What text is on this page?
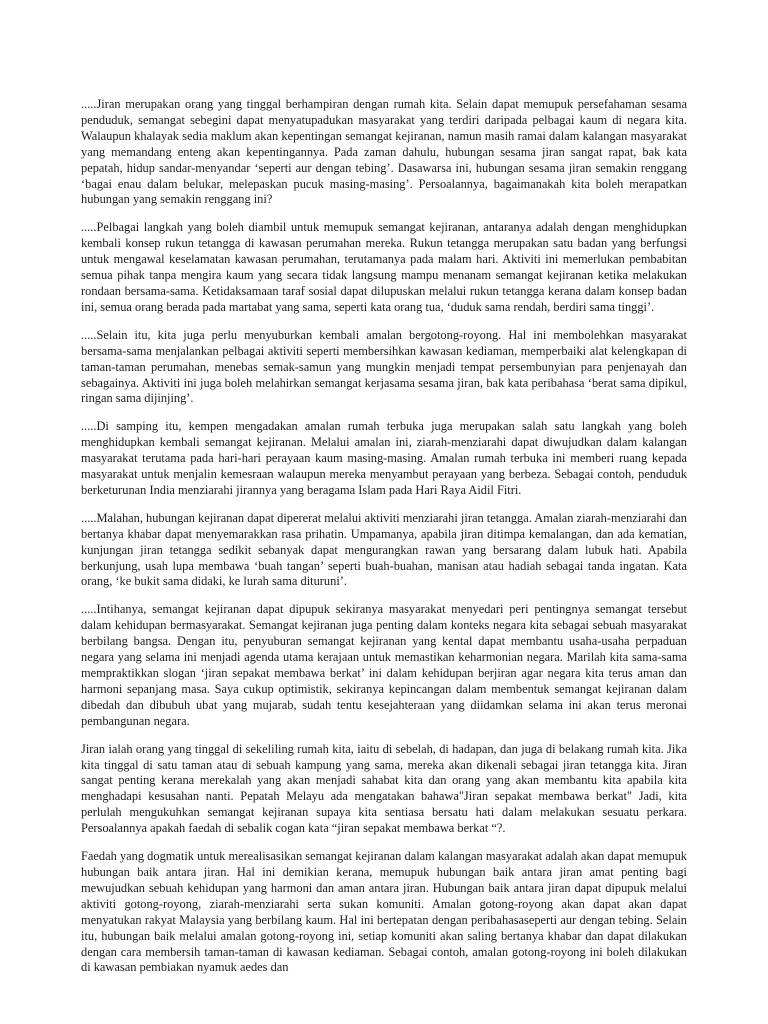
.....Jiran merupakan orang yang tinggal berhampiran dengan rumah kita. Selain dapat memupuk persefahaman sesama penduduk, semangat sebegini dapat menyatupadukan masyarakat yang terdiri daripada pelbagai kaum di negara kita. Walaupun khalayak sedia maklum akan kepentingan semangat kejiranan, namun masih ramai dalam kalangan masyarakat yang memandang enteng akan kepentingannya. Pada zaman dahulu, hubungan sesama jiran sangat rapat, bak kata pepatah, hidup sandar-menyandar ‘seperti aur dengan tebing’. Dasawarsa ini, hubungan sesama jiran semakin renggang ‘bagai enau dalam belukar, melepaskan pucuk masing-masing’. Persoalannya, bagaimanakah kita boleh merapatkan hubungan yang semakin renggang ini?

.....Pelbagai langkah yang boleh diambil untuk memupuk semangat kejiranan, antaranya adalah dengan menghidupkan kembali konsep rukun tetangga di kawasan perumahan mereka. Rukun tetangga merupakan satu badan yang berfungsi untuk mengawal keselamatan kawasan perumahan, terutamanya pada malam hari. Aktiviti ini memerlukan pembabitan semua pihak tanpa mengira kaum yang secara tidak langsung mampu menanam semangat kejiranan ketika melakukan rondaan bersama-sama. Ketidaksamaan taraf sosial dapat dilupuskan melalui rukun tetangga kerana dalam konsep badan ini, semua orang berada pada martabat yang sama, seperti kata orang tua, ‘duduk sama rendah, berdiri sama tinggi’.

.....Selain itu, kita juga perlu menyuburkan kembali amalan bergotong-royong. Hal ini membolehkan masyarakat bersama-sama menjalankan pelbagai aktiviti seperti membersihkan kawasan kediaman, memperbaiki alat kelengkapan di taman-taman perumahan, menebas semak-samun yang mungkin menjadi tempat persembunyian para penjenayah dan sebagainya. Aktiviti ini juga boleh melahirkan semangat kerjasama sesama jiran, bak kata peribahasa ‘berat sama dipikul, ringan sama dijinjing’.

.....Di samping itu, kempen mengadakan amalan rumah terbuka juga merupakan salah satu langkah yang boleh menghidupkan kembali semangat kejiranan. Melalui amalan ini, ziarah-menziarahi dapat diwujudkan dalam kalangan masyarakat terutama pada hari-hari perayaan kaum masing-masing. Amalan rumah terbuka ini memberi ruang kepada masyarakat untuk menjalin kemesraan walaupun mereka menyambut perayaan yang berbeza. Sebagai contoh, penduduk berketurunan India menziarahi jirannya yang beragama Islam pada Hari Raya Aidil Fitri.

.....Malahan, hubungan kejiranan dapat dipererat melalui aktiviti menziarahi jiran tetangga. Amalan ziarah-menziarahi dan bertanya khabar dapat menyemarakkan rasa prihatin. Umpamanya, apabila jiran ditimpa kemalangan, dan ada kematian, kunjungan jiran tetangga sedikit sebanyak dapat mengurangkan rawan yang bersarang dalam lubuk hati. Apabila berkunjung, usah lupa membawa ‘buah tangan’ seperti buah-buahan, manisan atau hadiah sebagai tanda ingatan. Kata orang, ‘ke bukit sama didaki, ke lurah sama dituruni’.

.....Intihanya, semangat kejiranan dapat dipupuk sekiranya masyarakat menyedari peri pentingnya semangat tersebut dalam kehidupan bermasyarakat. Semangat kejiranan juga penting dalam konteks negara kita sebagai sebuah masyarakat berbilang bangsa. Dengan itu, penyuburan semangat kejiranan yang kental dapat membantu usaha-usaha perpaduan negara yang selama ini menjadi agenda utama kerajaan untuk memastikan keharmonian negara. Marilah kita sama-sama mempraktikkan slogan ‘jiran sepakat membawa berkat’ ini dalam kehidupan berjiran agar negara kita terus aman dan harmoni sepanjang masa. Saya cukup optimistik, sekiranya kepincangan dalam membentuk semangat kejiranan dalam dibedah dan dibubuh ubat yang mujarab, sudah tentu kesejahteraan yang diidamkan selama ini akan terus meronai pembangunan negara.

Jiran ialah orang yang tinggal di sekeliling rumah kita, iaitu di sebelah, di hadapan, dan juga di belakang rumah kita. Jika kita tinggal di satu taman atau di sebuah kampung yang sama, mereka akan dikenali sebagai jiran tetangga kita. Jiran sangat penting kerana merekalah yang akan menjadi sahabat kita dan orang yang akan membantu kita apabila kita menghadapi kesusahan nanti. Pepatah Melayu ada mengatakan bahawa"Jiran sepakat membawa berkat" Jadi, kita perlulah mengukuhkan semangat kejiranan supaya kita sentiasa bersatu hati dalam melakukan sesuatu perkara. Persoalannya apakah faedah di sebalik cogan kata “jiran sepakat membawa berkat “?.

Faedah yang dogmatik untuk merealisasikan semangat kejiranan dalam kalangan masyarakat adalah akan dapat memupuk hubungan baik antara jiran. Hal ini demikian kerana, memupuk hubungan baik antara jiran amat penting bagi mewujudkan sebuah kehidupan yang harmoni dan aman antara jiran. Hubungan baik antara jiran dapat dipupuk melalui aktiviti gotong-royong, ziarah-menziarahi serta sukan komuniti. Amalan gotong-royong akan dapat akan dapat menyatukan rakyat Malaysia yang berbilang kaum. Hal ini bertepatan dengan peribahasaseperti aur dengan tebing. Selain itu, hubungan baik melalui amalan gotong-royong ini, setiap komuniti akan saling bertanya khabar dan dapat dilakukan dengan cara membersih taman-taman di kawasan kediaman. Sebagai contoh, amalan gotong-royong ini boleh dilakukan di kawasan pembiakan nyamuk aedes dan
